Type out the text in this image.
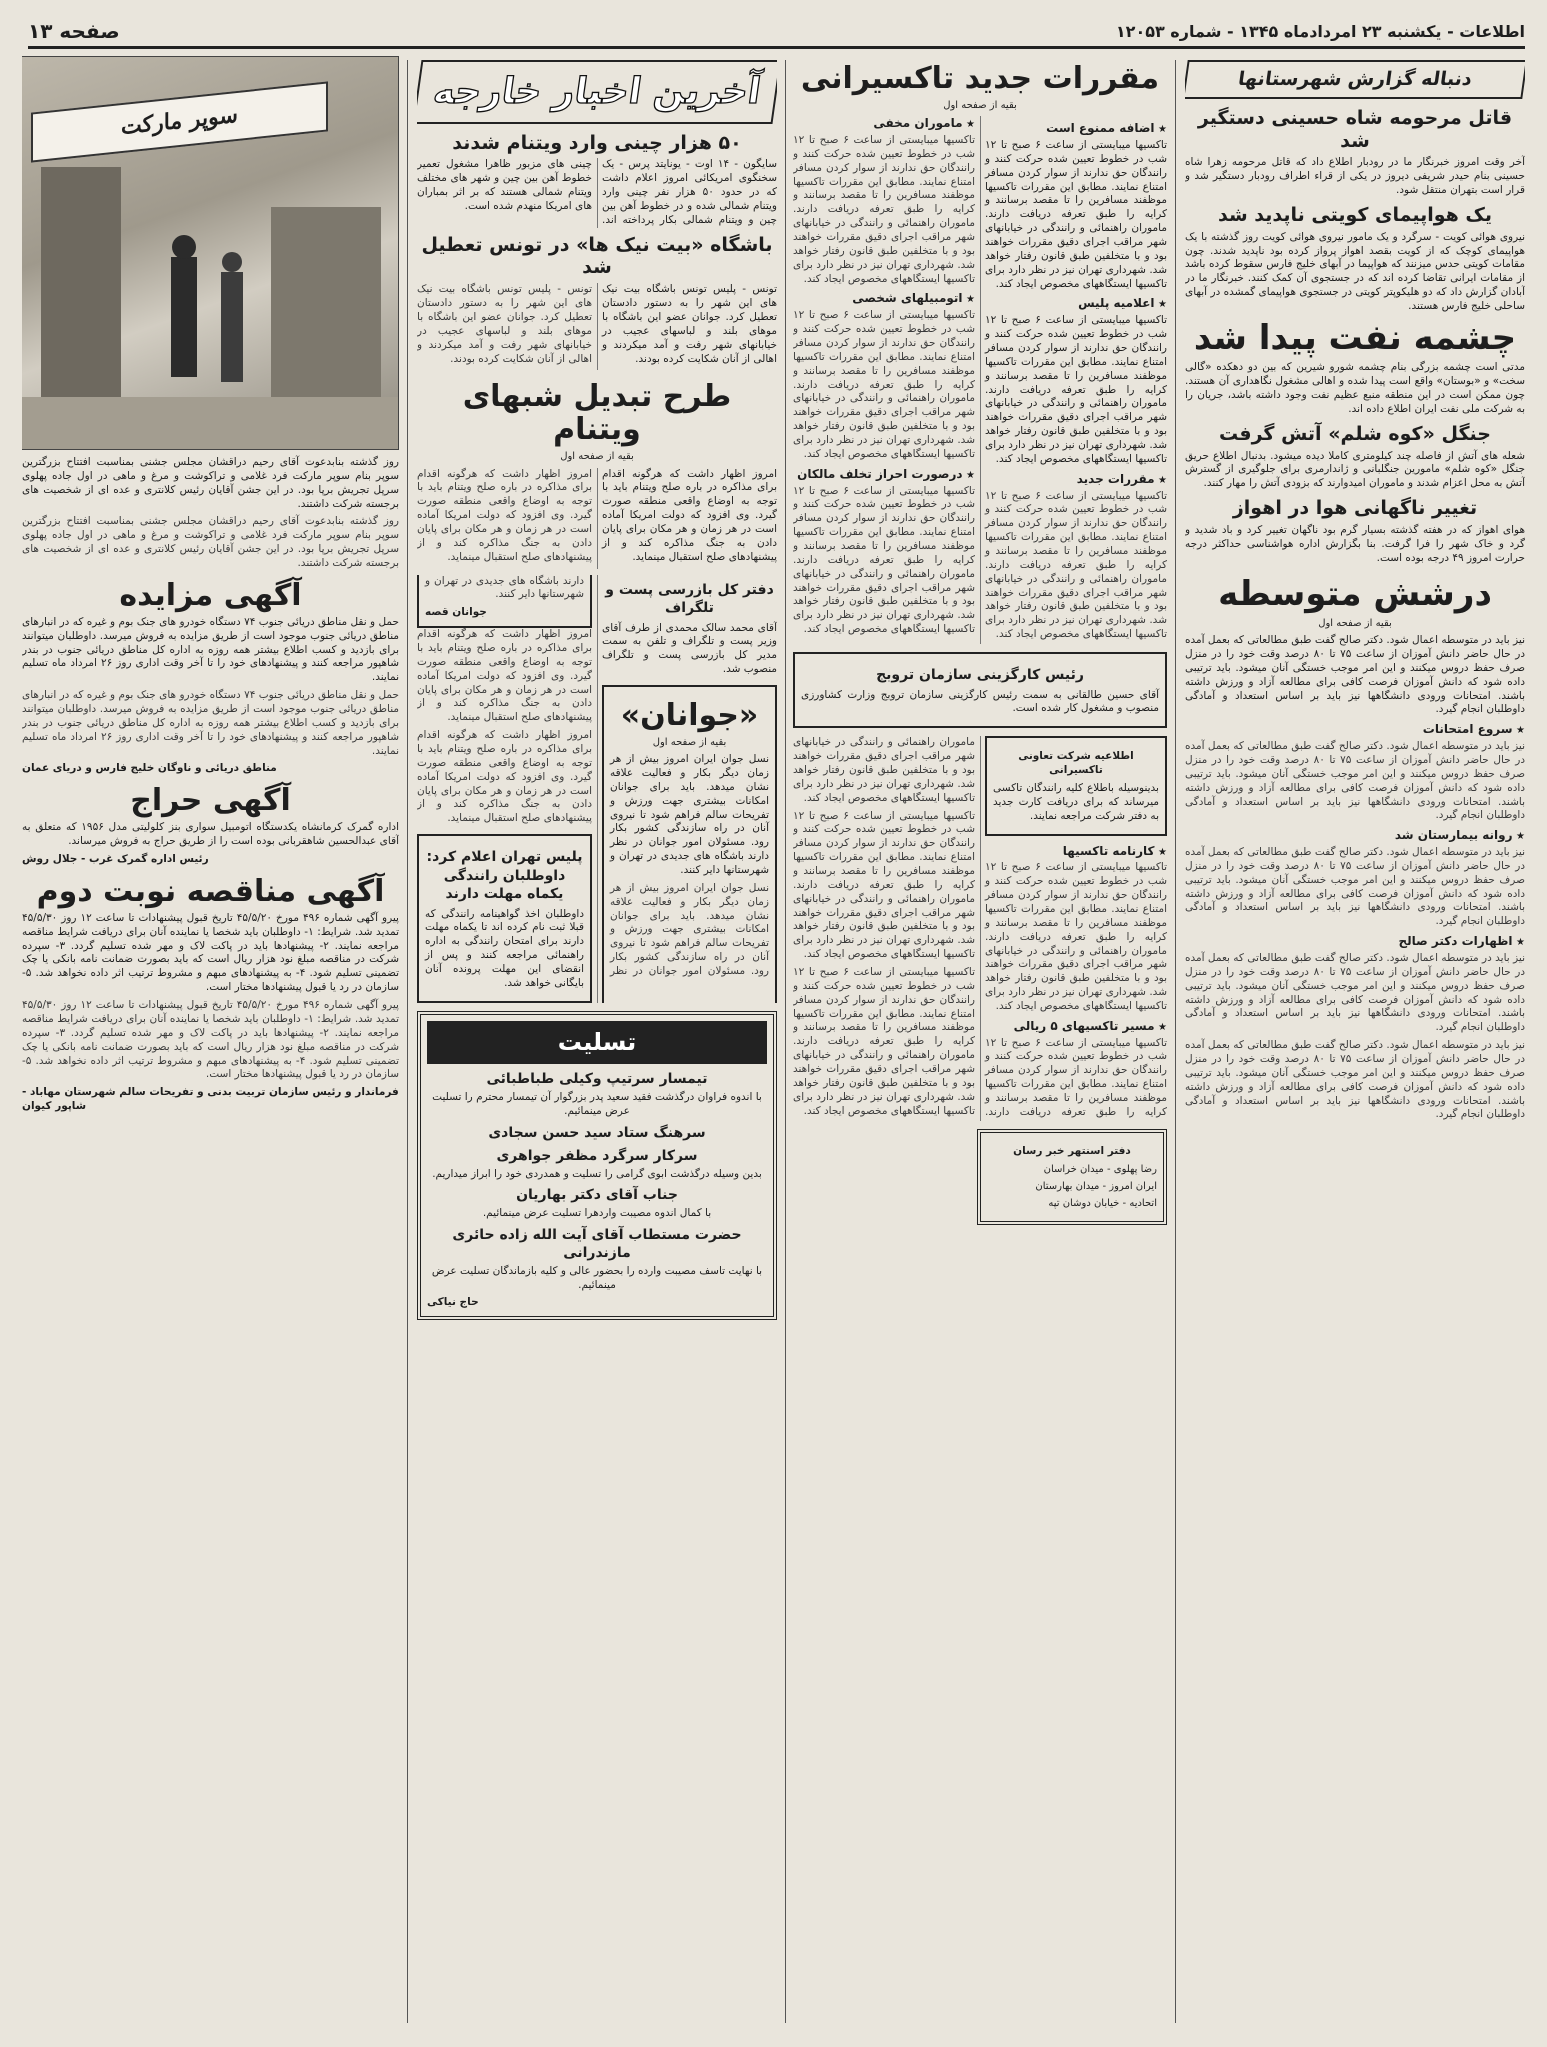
اطلاعات - یکشنبه ۲۳ امردادماه ۱۳۴۵ - شماره ۱۲۰۵۳
صفحه ۱۳
دنباله گزارش شهرستانها
قاتل مرحومه شاه حسینی دستگیر شد

آخر وقت امروز خبرنگار ما در رودبار اطلاع داد که قاتل مرحومه زهرا شاه حسینی بنام حیدر شریفی دیروز در یکی از قراء اطراف رودبار دستگیر شد و قرار است بتهران منتقل شود.

یک هواپیمای کویتی ناپدید شد

نیروی هوائی کویت - سرگرد و یک مامور نیروی هوائی کویت روز گذشته با یک هواپیمای کوچک که از کویت بقصد اهواز پرواز کرده بود ناپدید شدند. چون مقامات کویتی حدس میزنند که هواپیما در آبهای خلیج فارس سقوط کرده باشد از مقامات ایرانی تقاضا کرده اند که در جستجوی آن کمک کنند. خبرنگار ما در آبادان گزارش داد که دو هلیکوپتر کویتی در جستجوی هواپیمای گمشده در آبهای ساحلی خلیج فارس هستند.

چشمه نفت پیدا شد

مدتی است چشمه بزرگی بنام چشمه شورو شیرین که بین دو دهکده «گالی سخت» و «بوستان» واقع است پیدا شده و اهالی مشغول نگاهداری آن هستند. چون ممکن است در این منطقه منبع عظیم نفت وجود داشته باشد، جریان را به شرکت ملی نفت ایران اطلاع داده اند.

جنگل «کوه شلم» آتش گرفت

شعله های آتش از فاصله چند کیلومتری کاملا دیده میشود. بدنبال اطلاع حریق جنگل «کوه شلم» مامورین جنگلبانی و ژاندارمری برای جلوگیری از گسترش آتش به محل اعزام شدند و ماموران امیدوارند که بزودی آتش را مهار کنند.

تغییر ناگهانی هوا در اهواز

هوای اهواز که در هفته گذشته بسیار گرم بود ناگهان تغییر کرد و باد شدید و گرد و خاک شهر را فرا گرفت. بنا بگزارش اداره هواشناسی حداکثر درجه حرارت امروز ۴۹ درجه بوده است.

درشش متوسطه
بقیه از صفحه اول

نیز باید در متوسطه اعمال شود. دکتر صالح گفت طبق مطالعاتی که بعمل آمده در حال حاضر دانش آموزان از ساعت ۷۵ تا ۸۰ درصد وقت خود را در منزل صرف حفظ دروس میکنند و این امر موجب خستگی آنان میشود. باید ترتیبی داده شود که دانش آموزان فرصت کافی برای مطالعه آزاد و ورزش داشته باشند. امتحانات ورودی دانشگاهها نیز باید بر اساس استعداد و آمادگی داوطلبان انجام گیرد.

★ سروع امتحانات

نیز باید در متوسطه اعمال شود. دکتر صالح گفت طبق مطالعاتی که بعمل آمده در حال حاضر دانش آموزان از ساعت ۷۵ تا ۸۰ درصد وقت خود را در منزل صرف حفظ دروس میکنند و این امر موجب خستگی آنان میشود. باید ترتیبی داده شود که دانش آموزان فرصت کافی برای مطالعه آزاد و ورزش داشته باشند. امتحانات ورودی دانشگاهها نیز باید بر اساس استعداد و آمادگی داوطلبان انجام گیرد.

★ روانه بیمارستان شد

نیز باید در متوسطه اعمال شود. دکتر صالح گفت طبق مطالعاتی که بعمل آمده در حال حاضر دانش آموزان از ساعت ۷۵ تا ۸۰ درصد وقت خود را در منزل صرف حفظ دروس میکنند و این امر موجب خستگی آنان میشود. باید ترتیبی داده شود که دانش آموزان فرصت کافی برای مطالعه آزاد و ورزش داشته باشند. امتحانات ورودی دانشگاهها نیز باید بر اساس استعداد و آمادگی داوطلبان انجام گیرد.

★ اظهارات دکتر صالح

نیز باید در متوسطه اعمال شود. دکتر صالح گفت طبق مطالعاتی که بعمل آمده در حال حاضر دانش آموزان از ساعت ۷۵ تا ۸۰ درصد وقت خود را در منزل صرف حفظ دروس میکنند و این امر موجب خستگی آنان میشود. باید ترتیبی داده شود که دانش آموزان فرصت کافی برای مطالعه آزاد و ورزش داشته باشند. امتحانات ورودی دانشگاهها نیز باید بر اساس استعداد و آمادگی داوطلبان انجام گیرد.

نیز باید در متوسطه اعمال شود. دکتر صالح گفت طبق مطالعاتی که بعمل آمده در حال حاضر دانش آموزان از ساعت ۷۵ تا ۸۰ درصد وقت خود را در منزل صرف حفظ دروس میکنند و این امر موجب خستگی آنان میشود. باید ترتیبی داده شود که دانش آموزان فرصت کافی برای مطالعه آزاد و ورزش داشته باشند. امتحانات ورودی دانشگاهها نیز باید بر اساس استعداد و آمادگی داوطلبان انجام گیرد.

مقررات جدید تاکسیرانی
بقیه از صفحه اول
★ اضافه ممنوع است

تاکسیها میبایستی از ساعت ۶ صبح تا ۱۲ شب در خطوط تعیین شده حرکت کنند و رانندگان حق ندارند از سوار کردن مسافر امتناع نمایند. مطابق این مقررات تاکسیها موظفند مسافرین را تا مقصد برسانند و کرایه را طبق تعرفه دریافت دارند. ماموران راهنمائی و رانندگی در خیابانهای شهر مراقب اجرای دقیق مقررات خواهند بود و با متخلفین طبق قانون رفتار خواهد شد. شهرداری تهران نیز در نظر دارد برای تاکسیها ایستگاههای مخصوص ایجاد کند.

★ اعلامیه پلیس

تاکسیها میبایستی از ساعت ۶ صبح تا ۱۲ شب در خطوط تعیین شده حرکت کنند و رانندگان حق ندارند از سوار کردن مسافر امتناع نمایند. مطابق این مقررات تاکسیها موظفند مسافرین را تا مقصد برسانند و کرایه را طبق تعرفه دریافت دارند. ماموران راهنمائی و رانندگی در خیابانهای شهر مراقب اجرای دقیق مقررات خواهند بود و با متخلفین طبق قانون رفتار خواهد شد. شهرداری تهران نیز در نظر دارد برای تاکسیها ایستگاههای مخصوص ایجاد کند.

★ مقررات جدید

تاکسیها میبایستی از ساعت ۶ صبح تا ۱۲ شب در خطوط تعیین شده حرکت کنند و رانندگان حق ندارند از سوار کردن مسافر امتناع نمایند. مطابق این مقررات تاکسیها موظفند مسافرین را تا مقصد برسانند و کرایه را طبق تعرفه دریافت دارند. ماموران راهنمائی و رانندگی در خیابانهای شهر مراقب اجرای دقیق مقررات خواهند بود و با متخلفین طبق قانون رفتار خواهد شد. شهرداری تهران نیز در نظر دارد برای تاکسیها ایستگاههای مخصوص ایجاد کند.

★ ماموران مخفی

تاکسیها میبایستی از ساعت ۶ صبح تا ۱۲ شب در خطوط تعیین شده حرکت کنند و رانندگان حق ندارند از سوار کردن مسافر امتناع نمایند. مطابق این مقررات تاکسیها موظفند مسافرین را تا مقصد برسانند و کرایه را طبق تعرفه دریافت دارند. ماموران راهنمائی و رانندگی در خیابانهای شهر مراقب اجرای دقیق مقررات خواهند بود و با متخلفین طبق قانون رفتار خواهد شد. شهرداری تهران نیز در نظر دارد برای تاکسیها ایستگاههای مخصوص ایجاد کند.

★ اتومبیلهای شخصی

تاکسیها میبایستی از ساعت ۶ صبح تا ۱۲ شب در خطوط تعیین شده حرکت کنند و رانندگان حق ندارند از سوار کردن مسافر امتناع نمایند. مطابق این مقررات تاکسیها موظفند مسافرین را تا مقصد برسانند و کرایه را طبق تعرفه دریافت دارند. ماموران راهنمائی و رانندگی در خیابانهای شهر مراقب اجرای دقیق مقررات خواهند بود و با متخلفین طبق قانون رفتار خواهد شد. شهرداری تهران نیز در نظر دارد برای تاکسیها ایستگاههای مخصوص ایجاد کند.

★ درصورت احراز تخلف مالکان

تاکسیها میبایستی از ساعت ۶ صبح تا ۱۲ شب در خطوط تعیین شده حرکت کنند و رانندگان حق ندارند از سوار کردن مسافر امتناع نمایند. مطابق این مقررات تاکسیها موظفند مسافرین را تا مقصد برسانند و کرایه را طبق تعرفه دریافت دارند. ماموران راهنمائی و رانندگی در خیابانهای شهر مراقب اجرای دقیق مقررات خواهند بود و با متخلفین طبق قانون رفتار خواهد شد. شهرداری تهران نیز در نظر دارد برای تاکسیها ایستگاههای مخصوص ایجاد کند.

رئیس کارگزینی سازمان تروبج

آقای حسین طالقانی به سمت رئیس کارگزینی سازمان تروبج وزارت کشاورزی منصوب و مشغول کار شده است.

اطلاعیه شرکت تعاونی تاکسیرانی

بدینوسیله باطلاع کلیه رانندگان تاکسی میرساند که برای دریافت کارت جدید به دفتر شرکت مراجعه نمایند.

★ کارنامه تاکسیها

تاکسیها میبایستی از ساعت ۶ صبح تا ۱۲ شب در خطوط تعیین شده حرکت کنند و رانندگان حق ندارند از سوار کردن مسافر امتناع نمایند. مطابق این مقررات تاکسیها موظفند مسافرین را تا مقصد برسانند و کرایه را طبق تعرفه دریافت دارند. ماموران راهنمائی و رانندگی در خیابانهای شهر مراقب اجرای دقیق مقررات خواهند بود و با متخلفین طبق قانون رفتار خواهد شد. شهرداری تهران نیز در نظر دارد برای تاکسیها ایستگاههای مخصوص ایجاد کند.

★ مسیر تاکسیهای ۵ ریالی

تاکسیها میبایستی از ساعت ۶ صبح تا ۱۲ شب در خطوط تعیین شده حرکت کنند و رانندگان حق ندارند از سوار کردن مسافر امتناع نمایند. مطابق این مقررات تاکسیها موظفند مسافرین را تا مقصد برسانند و کرایه را طبق تعرفه دریافت دارند. ماموران راهنمائی و رانندگی در خیابانهای شهر مراقب اجرای دقیق مقررات خواهند بود و با متخلفین طبق قانون رفتار خواهد شد. شهرداری تهران نیز در نظر دارد برای تاکسیها ایستگاههای مخصوص ایجاد کند.

تاکسیها میبایستی از ساعت ۶ صبح تا ۱۲ شب در خطوط تعیین شده حرکت کنند و رانندگان حق ندارند از سوار کردن مسافر امتناع نمایند. مطابق این مقررات تاکسیها موظفند مسافرین را تا مقصد برسانند و کرایه را طبق تعرفه دریافت دارند. ماموران راهنمائی و رانندگی در خیابانهای شهر مراقب اجرای دقیق مقررات خواهند بود و با متخلفین طبق قانون رفتار خواهد شد. شهرداری تهران نیز در نظر دارد برای تاکسیها ایستگاههای مخصوص ایجاد کند.

تاکسیها میبایستی از ساعت ۶ صبح تا ۱۲ شب در خطوط تعیین شده حرکت کنند و رانندگان حق ندارند از سوار کردن مسافر امتناع نمایند. مطابق این مقررات تاکسیها موظفند مسافرین را تا مقصد برسانند و کرایه را طبق تعرفه دریافت دارند. ماموران راهنمائی و رانندگی در خیابانهای شهر مراقب اجرای دقیق مقررات خواهند بود و با متخلفین طبق قانون رفتار خواهد شد. شهرداری تهران نیز در نظر دارد برای تاکسیها ایستگاههای مخصوص ایجاد کند.

دفتر اسنتهر خبر رسان

رضا پهلوی - میدان خراسان

ایران امروز - میدان بهارستان

اتحادیه - خیابان دوشان تپه

آخرین اخبار خارجه
۵۰ هزار چینی وارد ویتنام شدند

سایگون - ۱۴ اوت - یونایتد پرس - یک سخنگوی امریکائی امروز اعلام داشت که در حدود ۵۰ هزار نفر چینی وارد ویتنام شمالی شده و در خطوط آهن بین چین و ویتنام شمالی بکار پرداخته اند. چینی های مزبور ظاهرا مشغول تعمیر خطوط آهن بین چین و شهر های مختلف ویتنام شمالی هستند که بر اثر بمباران های امریکا منهدم شده است.

باشگاه «بیت نیک ها» در تونس تعطیل شد

تونس - پلیس تونس باشگاه بیت نیک های این شهر را به دستور دادستان تعطیل کرد. جوانان عضو این باشگاه با موهای بلند و لباسهای عجیب در خیابانهای شهر رفت و آمد میکردند و اهالی از آنان شکایت کرده بودند.

تونس - پلیس تونس باشگاه بیت نیک های این شهر را به دستور دادستان تعطیل کرد. جوانان عضو این باشگاه با موهای بلند و لباسهای عجیب در خیابانهای شهر رفت و آمد میکردند و اهالی از آنان شکایت کرده بودند.

طرح تبدیل شبهای ویتنام
بقیه از صفحه اول

امروز اظهار داشت که هرگونه اقدام برای مذاکره در باره صلح ویتنام باید با توجه به اوضاع واقعی منطقه صورت گیرد. وی افزود که دولت امریکا آماده است در هر زمان و هر مکان برای پایان دادن به جنگ مذاکره کند و از پیشنهادهای صلح استقبال مینماید.

امروز اظهار داشت که هرگونه اقدام برای مذاکره در باره صلح ویتنام باید با توجه به اوضاع واقعی منطقه صورت گیرد. وی افزود که دولت امریکا آماده است در هر زمان و هر مکان برای پایان دادن به جنگ مذاکره کند و از پیشنهادهای صلح استقبال مینماید.

دفتر کل بازرسی پست و تلگراف

آقای محمد سالک محمدی از طرف آقای وزیر پست و تلگراف و تلفن به سمت مدیر کل بازرسی پست و تلگراف منصوب شد.

«جوانان»
بقیه از صفحه اول

نسل جوان ایران امروز بیش از هر زمان دیگر بکار و فعالیت علاقه نشان میدهد. باید برای جوانان امکانات بیشتری جهت ورزش و تفریحات سالم فراهم شود تا نیروی آنان در راه سازندگی کشور بکار رود. مسئولان امور جوانان در نظر دارند باشگاه های جدیدی در تهران و شهرستانها دایر کنند.

نسل جوان ایران امروز بیش از هر زمان دیگر بکار و فعالیت علاقه نشان میدهد. باید برای جوانان امکانات بیشتری جهت ورزش و تفریحات سالم فراهم شود تا نیروی آنان در راه سازندگی کشور بکار رود. مسئولان امور جوانان در نظر دارند باشگاه های جدیدی در تهران و شهرستانها دایر کنند.

جوانان قصه

امروز اظهار داشت که هرگونه اقدام برای مذاکره در باره صلح ویتنام باید با توجه به اوضاع واقعی منطقه صورت گیرد. وی افزود که دولت امریکا آماده است در هر زمان و هر مکان برای پایان دادن به جنگ مذاکره کند و از پیشنهادهای صلح استقبال مینماید.

امروز اظهار داشت که هرگونه اقدام برای مذاکره در باره صلح ویتنام باید با توجه به اوضاع واقعی منطقه صورت گیرد. وی افزود که دولت امریکا آماده است در هر زمان و هر مکان برای پایان دادن به جنگ مذاکره کند و از پیشنهادهای صلح استقبال مینماید.

پلیس تهران اعلام کرد: داوطلبان رانندگی یکماه مهلت دارند

داوطلبان اخذ گواهینامه رانندگی که قبلا ثبت نام کرده اند تا یکماه مهلت دارند برای امتحان رانندگی به اداره راهنمائی مراجعه کنند و پس از انقضای این مهلت پرونده آنان بایگانی خواهد شد.

تسلیت
تیمسار سرتیپ وکیلی طباطبائی

با اندوه فراوان درگذشت فقید سعید پدر بزرگوار آن تیمسار محترم را تسلیت عرض مینمائیم.

سرهنگ ستاد سید حسن سجادی
سرکار سرگرد مظفر جواهری

بدین وسیله درگذشت ابوی گرامی را تسلیت و همدردی خود را ابراز میداریم.

جناب آقای دکتر بهاریان

با کمال اندوه مصیبت واردهرا تسلیت عرض مینمائیم.

حضرت مستطاب آقای آیت الله زاده حائری مازندرانی

با نهایت تاسف مصیبت وارده را بحضور عالی و کلیه بازماندگان تسلیت عرض مینمائیم.

حاج نیاکی
سوپر مارکت

روز گذشته بنابدعوت آقای رحیم دراقشان مجلس جشنی بمناسبت افتتاح بزرگترین سوپر بنام سوپر مارکت فرد غلامی و تراکوشت و مرغ و ماهی در اول جاده پهلوی سرپل تجریش برپا بود. در این جشن آقایان رئیس کلانتری و عده ای از شخصیت های برجسته شرکت داشتند.

روز گذشته بنابدعوت آقای رحیم دراقشان مجلس جشنی بمناسبت افتتاح بزرگترین سوپر بنام سوپر مارکت فرد غلامی و تراکوشت و مرغ و ماهی در اول جاده پهلوی سرپل تجریش برپا بود. در این جشن آقایان رئیس کلانتری و عده ای از شخصیت های برجسته شرکت داشتند.

آگهی مزایده

حمل و نقل مناطق دریائی جنوب ۷۴ دستگاه خودرو های جنک بوم و غیره که در انبارهای مناطق دریائی جنوب موجود است از طریق مزایده به فروش میرسد. داوطلبان میتوانند برای بازدید و کسب اطلاع بیشتر همه روزه به اداره کل مناطق دریائی جنوب در بندر شاهپور مراجعه کنند و پیشنهادهای خود را تا آخر وقت اداری روز ۲۶ امرداد ماه تسلیم نمایند.

حمل و نقل مناطق دریائی جنوب ۷۴ دستگاه خودرو های جنک بوم و غیره که در انبارهای مناطق دریائی جنوب موجود است از طریق مزایده به فروش میرسد. داوطلبان میتوانند برای بازدید و کسب اطلاع بیشتر همه روزه به اداره کل مناطق دریائی جنوب در بندر شاهپور مراجعه کنند و پیشنهادهای خود را تا آخر وقت اداری روز ۲۶ امرداد ماه تسلیم نمایند.

مناطق دریائی و ناوگان خلیج فارس و دریای عمان
آگهی حراج

اداره گمرک کرمانشاه یکدستگاه اتومبیل سواری بنز کلولیتی مدل ۱۹۵۶ که متعلق به آقای عبدالحسین شاهقربانی بوده است را از طریق حراج به فروش میرساند.

رئیس اداره گمرک غرب - جلال روش
آگهی مناقصه نوبت دوم

پیرو آگهی شماره ۴۹۶ مورخ ۴۵/۵/۲۰ تاریخ قبول پیشنهادات تا ساعت ۱۲ روز ۴۵/۵/۳۰ تمدید شد. شرایط: ۱- داوطلبان باید شخصا یا نماینده آنان برای دریافت شرایط مناقصه مراجعه نمایند. ۲- پیشنهادها باید در پاکت لاک و مهر شده تسلیم گردد. ۳- سپرده شرکت در مناقصه مبلغ نود هزار ریال است که باید بصورت ضمانت نامه بانکی یا چک تضمینی تسلیم شود. ۴- به پیشنهادهای مبهم و مشروط ترتیب اثر داده نخواهد شد. ۵- سازمان در رد یا قبول پیشنهادها مختار است.

پیرو آگهی شماره ۴۹۶ مورخ ۴۵/۵/۲۰ تاریخ قبول پیشنهادات تا ساعت ۱۲ روز ۴۵/۵/۳۰ تمدید شد. شرایط: ۱- داوطلبان باید شخصا یا نماینده آنان برای دریافت شرایط مناقصه مراجعه نمایند. ۲- پیشنهادها باید در پاکت لاک و مهر شده تسلیم گردد. ۳- سپرده شرکت در مناقصه مبلغ نود هزار ریال است که باید بصورت ضمانت نامه بانکی یا چک تضمینی تسلیم شود. ۴- به پیشنهادهای مبهم و مشروط ترتیب اثر داده نخواهد شد. ۵- سازمان در رد یا قبول پیشنهادها مختار است.

فرماندار و رئیس سازمان تربیت بدنی و تفریحات سالم شهرستان مهاباد - شاپور کیوان
